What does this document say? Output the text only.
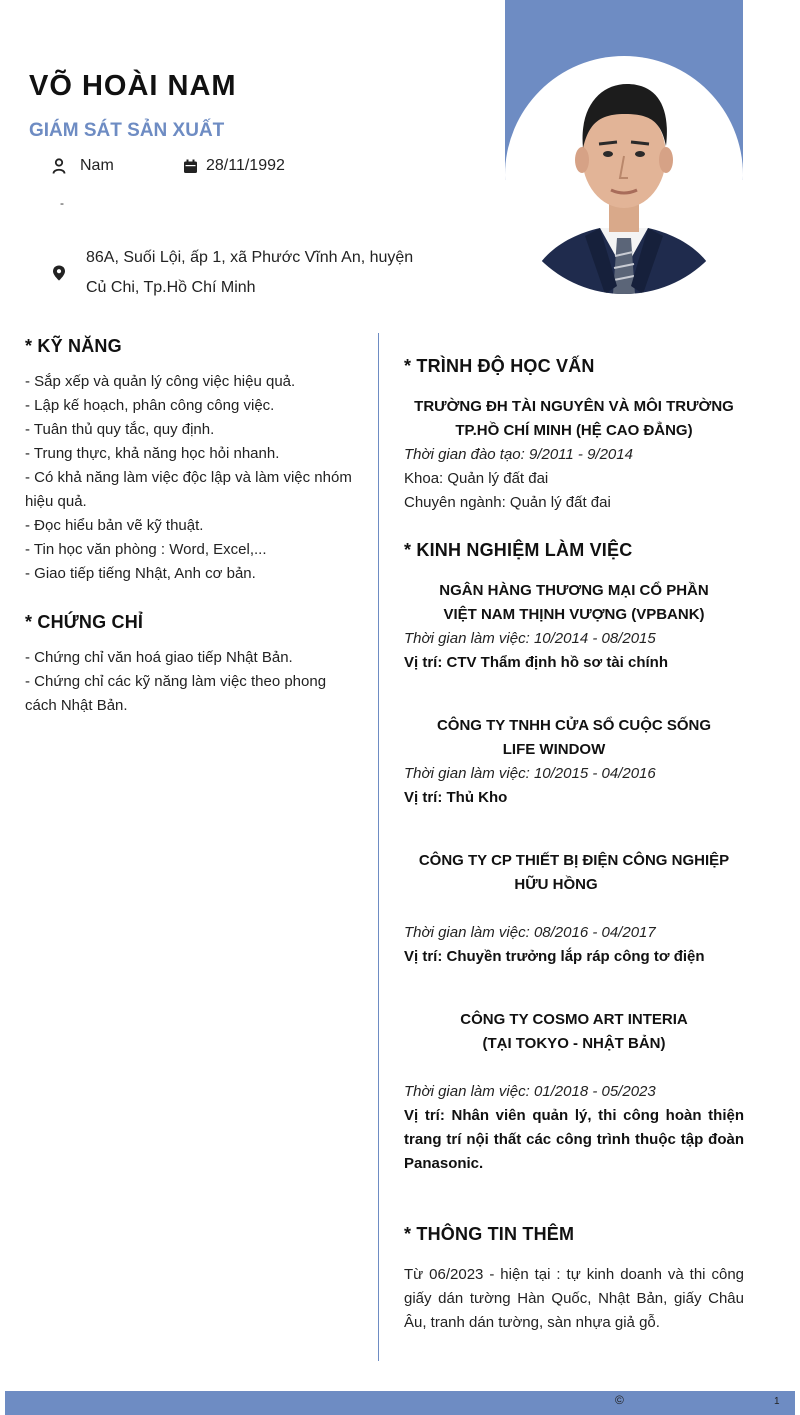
VÕ HOÀI NAM
GIÁM SÁT SẢN XUẤT
Nam	28/11/1992
-
86A, Suối Lội, ấp 1, xã Phước Vĩnh An, huyện Củ Chi, Tp.Hồ Chí Minh
* KỸ NĂNG
- Sắp xếp và quản lý công việc hiệu quả.
- Lập kế hoạch, phân công công việc.
- Tuân thủ quy tắc, quy định.
- Trung thực, khả năng học hỏi nhanh.
- Có khả năng làm việc độc lập và làm việc nhóm hiệu quả.
- Đọc hiểu bản vẽ kỹ thuật.
- Tin học văn phòng : Word, Excel,...
- Giao tiếp tiếng Nhật, Anh cơ bản.
* CHỨNG CHỈ
- Chứng chỉ văn hoá giao tiếp Nhật Bản.
- Chứng chỉ các kỹ năng làm việc theo phong cách Nhật Bản.
* TRÌNH ĐỘ HỌC VẤN
TRƯỜNG ĐH TÀI NGUYÊN VÀ MÔI TRƯỜNG
TP.HỒ CHÍ MINH (HỆ CAO ĐẲNG)
Thời gian đào tạo: 9/2011 - 9/2014
Khoa: Quản lý đất đai
Chuyên ngành: Quản lý đất đai
* KINH NGHIỆM LÀM VIỆC
NGÂN HÀNG THƯƠNG MẠI CỔ PHẦN
VIỆT NAM THỊNH VƯỢNG (VPBANK)
Thời gian làm việc: 10/2014 - 08/2015
Vị trí: CTV Thẩm định hồ sơ tài chính
CÔNG TY TNHH CỬA SỔ CUỘC SỐNG
LIFE WINDOW
Thời gian làm việc: 10/2015 - 04/2016
Vị trí: Thủ Kho
CÔNG TY CP THIẾT BỊ ĐIỆN CÔNG NGHIỆP
HỮU HỒNG
Thời gian làm việc: 08/2016 - 04/2017
Vị trí: Chuyền trưởng lắp ráp công tơ điện
CÔNG TY COSMO ART INTERIA
(TẠI TOKYO - NHẬT BẢN)
Thời gian làm việc: 01/2018 - 05/2023
Vị trí: Nhân viên quản lý, thi công hoàn thiện trang trí nội thất các công trình thuộc tập đoàn Panasonic.
* THÔNG TIN THÊM
Từ 06/2023 - hiện tại : tự kinh doanh và thi công giấy dán tường Hàn Quốc, Nhật Bản, giấy Châu Âu, tranh dán tường, sàn nhựa giả gỗ.
©	1
